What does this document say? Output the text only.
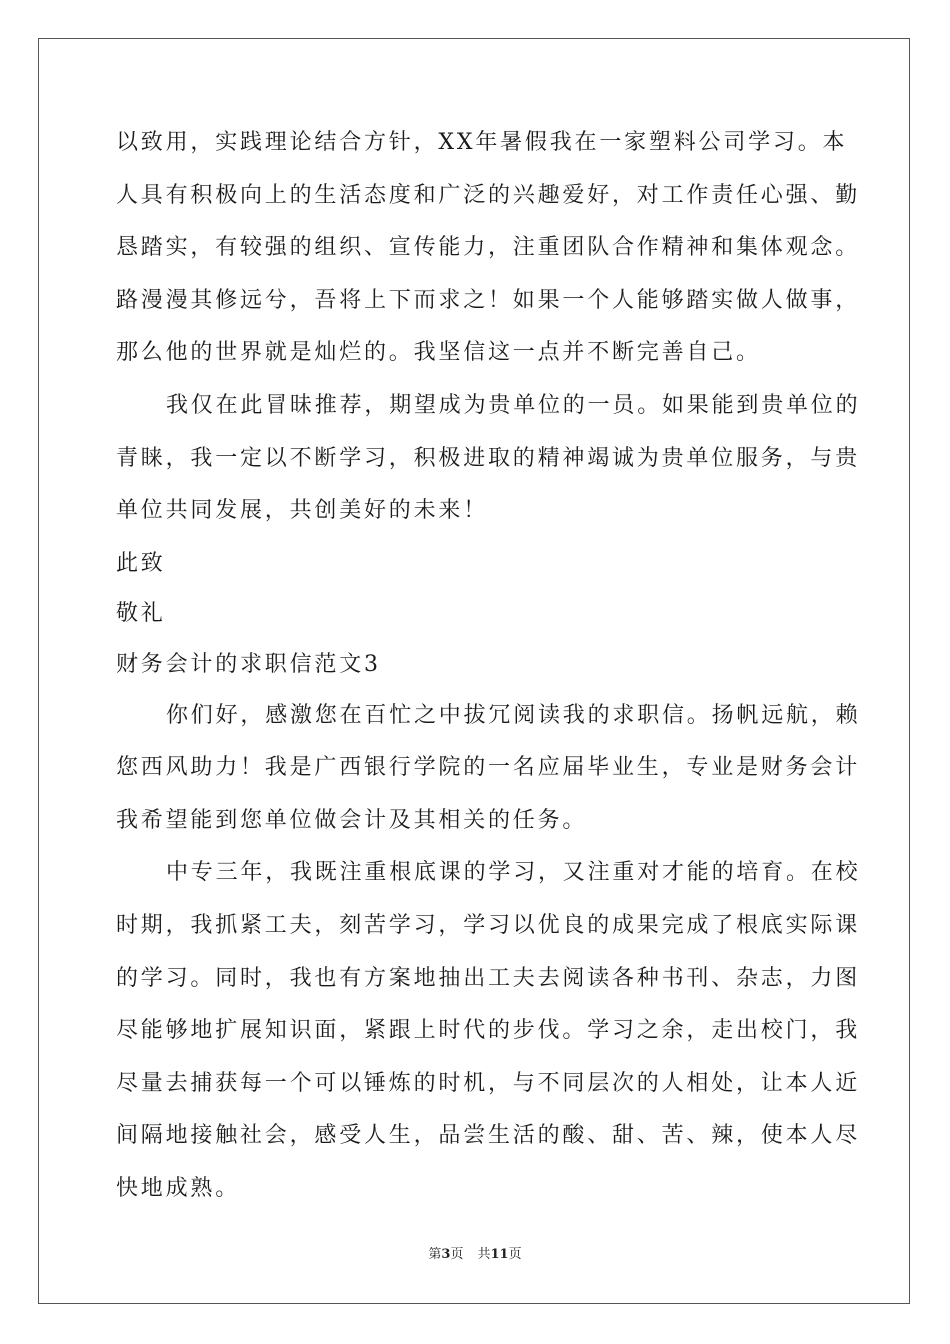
以致用，实践理论结合方针，XX年暑假我在一家塑料公司学习。本
人具有积极向上的生活态度和广泛的兴趣爱好，对工作责任心强、勤
恳踏实，有较强的组织、宣传能力，注重团队合作精神和集体观念。
路漫漫其修远兮，吾将上下而求之！如果一个人能够踏实做人做事，
那么他的世界就是灿烂的。我坚信这一点并不断完善自己。
我仅在此冒昧推荐，期望成为贵单位的一员。如果能到贵单位的
青睐，我一定以不断学习，积极进取的精神竭诚为贵单位服务，与贵
单位共同发展，共创美好的未来！
此致
敬礼
财务会计的求职信范文3
你们好，感激您在百忙之中拔冗阅读我的求职信。扬帆远航，赖
您西风助力！我是广西银行学院的一名应届毕业生，专业是财务会计
我希望能到您单位做会计及其相关的任务。
中专三年，我既注重根底课的学习，又注重对才能的培育。在校
时期，我抓紧工夫，刻苦学习，学习以优良的成果完成了根底实际课
的学习。同时，我也有方案地抽出工夫去阅读各种书刊、杂志，力图
尽能够地扩展知识面，紧跟上时代的步伐。学习之余，走出校门，我
尽量去捕获每一个可以锤炼的时机，与不同层次的人相处，让本人近
间隔地接触社会，感受人生，品尝生活的酸、甜、苦、辣，使本人尽
快地成熟。
第3页 共11页
